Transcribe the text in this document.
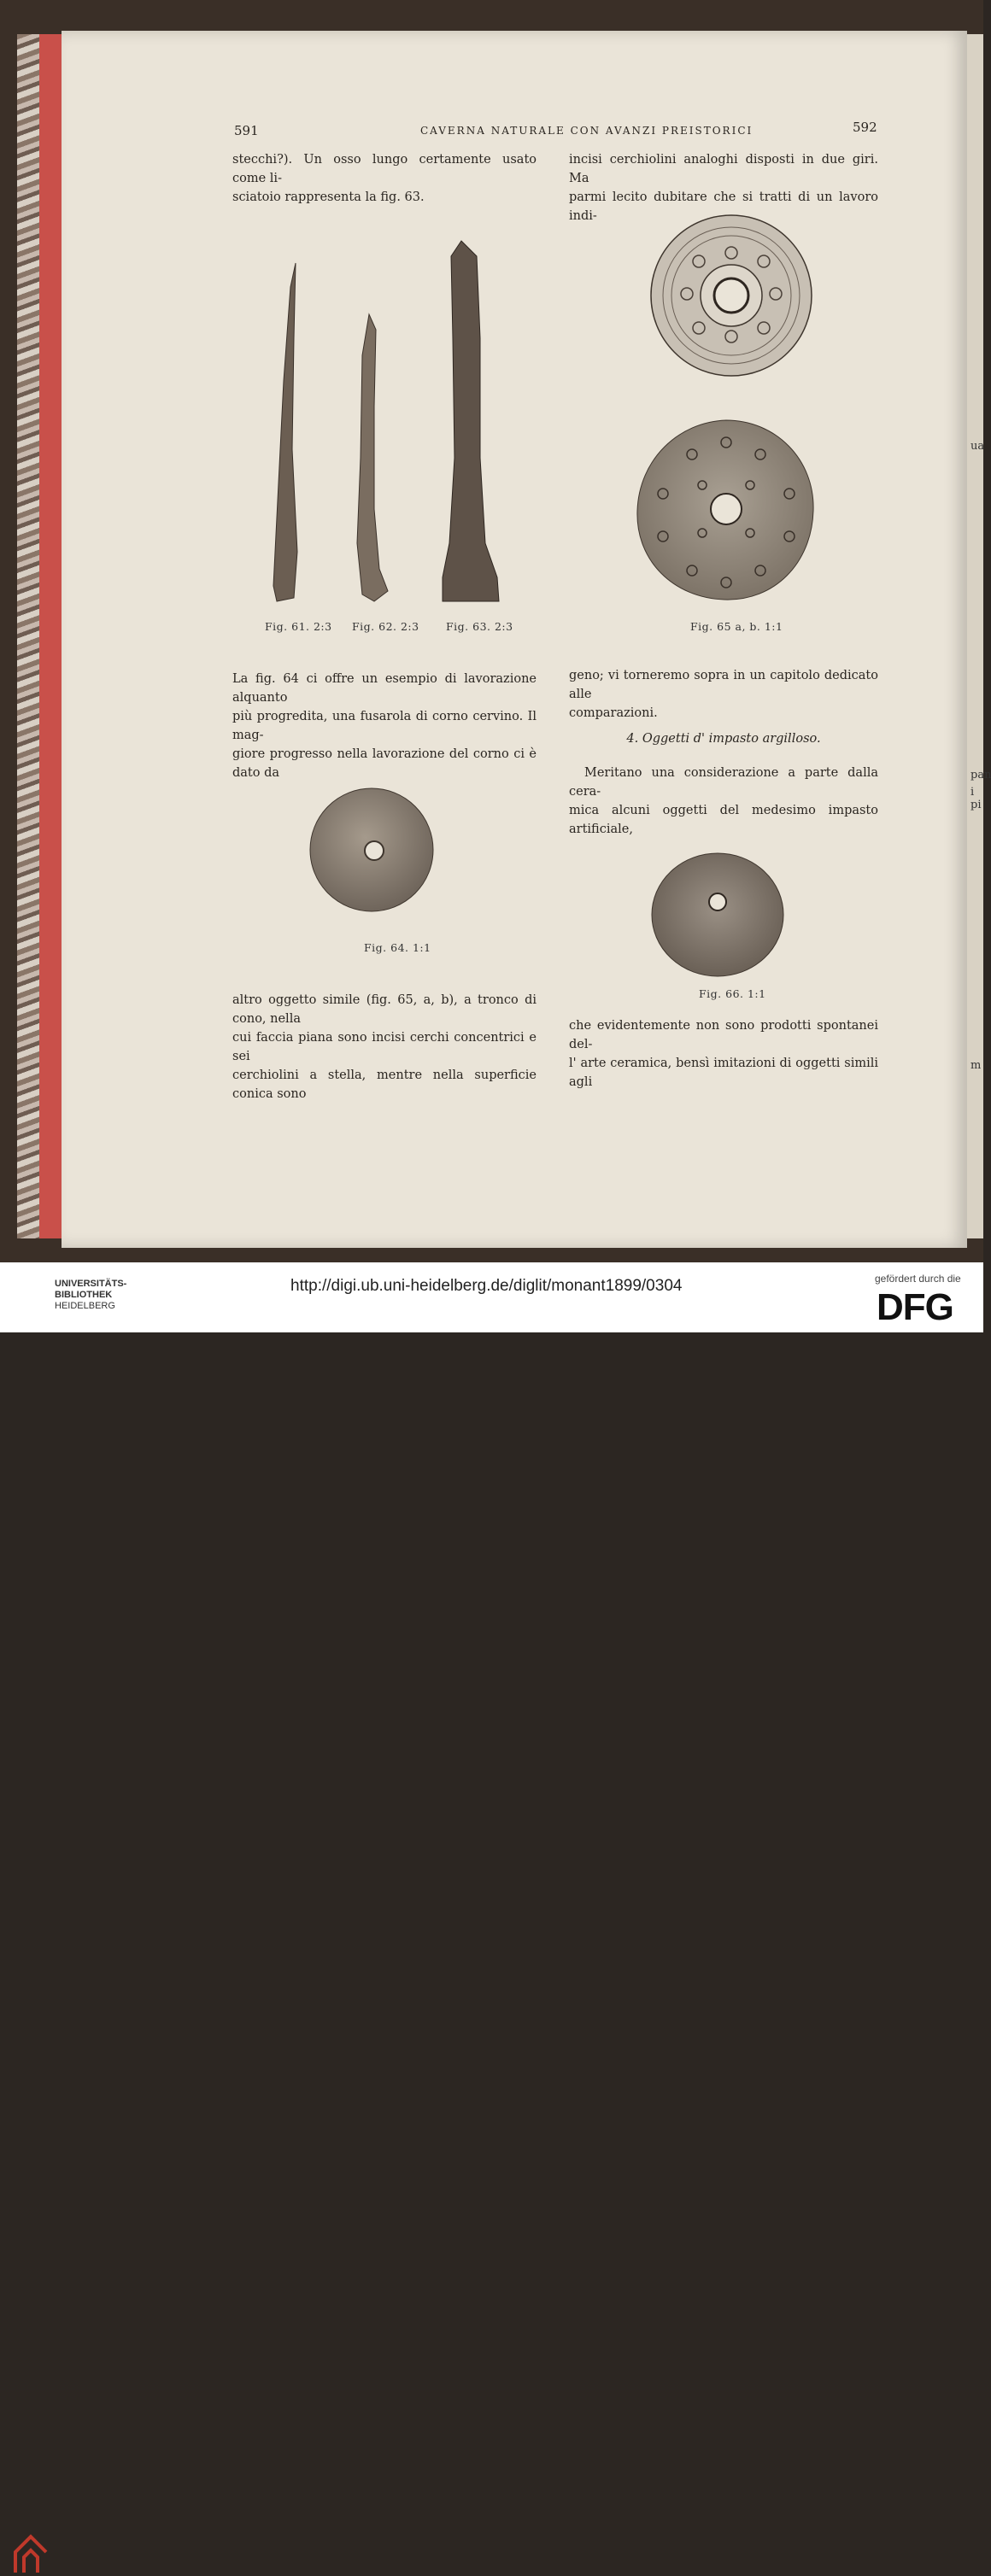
ua
pan
i pi
m
591	CAVERNA NATURALE CON AVANZI PREISTORICI	592

stecchi?). Un osso lungo certamente usato come li-

sciatoio rappresenta la fig. 63.

Fig. 61. 2:3 Fig. 62. 2:3	Fig. 63. 2:3

La fig. 64 ci offre un esempio di lavorazione alquanto

più progredita, una fusarola di corno cervino. Il mag-

giore progresso nella lavorazione del corno ci è dato da

Fig. 64. 1:1

altro oggetto simile (fig. 65, a, b), a tronco di cono, nella

cui faccia piana sono incisi cerchi concentrici e sei

cerchiolini a stella, mentre nella superficie conica sono

incisi cerchiolini analoghi disposti in due giri. Ma

parmi lecito dubitare che si tratti di un lavoro indi-

Fig. 65 a, b. 1:1

geno; vi torneremo sopra in un capitolo dedicato alle

comparazioni.

4. Oggetti d' impasto argilloso.

Meritano una considerazione a parte dalla cera-

mica alcuni oggetti del medesimo impasto artificiale,

Fig. 66. 1:1

che evidentemente non sono prodotti spontanei del-

l' arte ceramica, bensì imitazioni di oggetti simili agli

UNIVERSITÄTS-
BIBLIOTHEK
HEIDELBERG
http://digi.ub.uni-heidelberg.de/diglit/monant1899/0304	gefördert durch die
DFG
